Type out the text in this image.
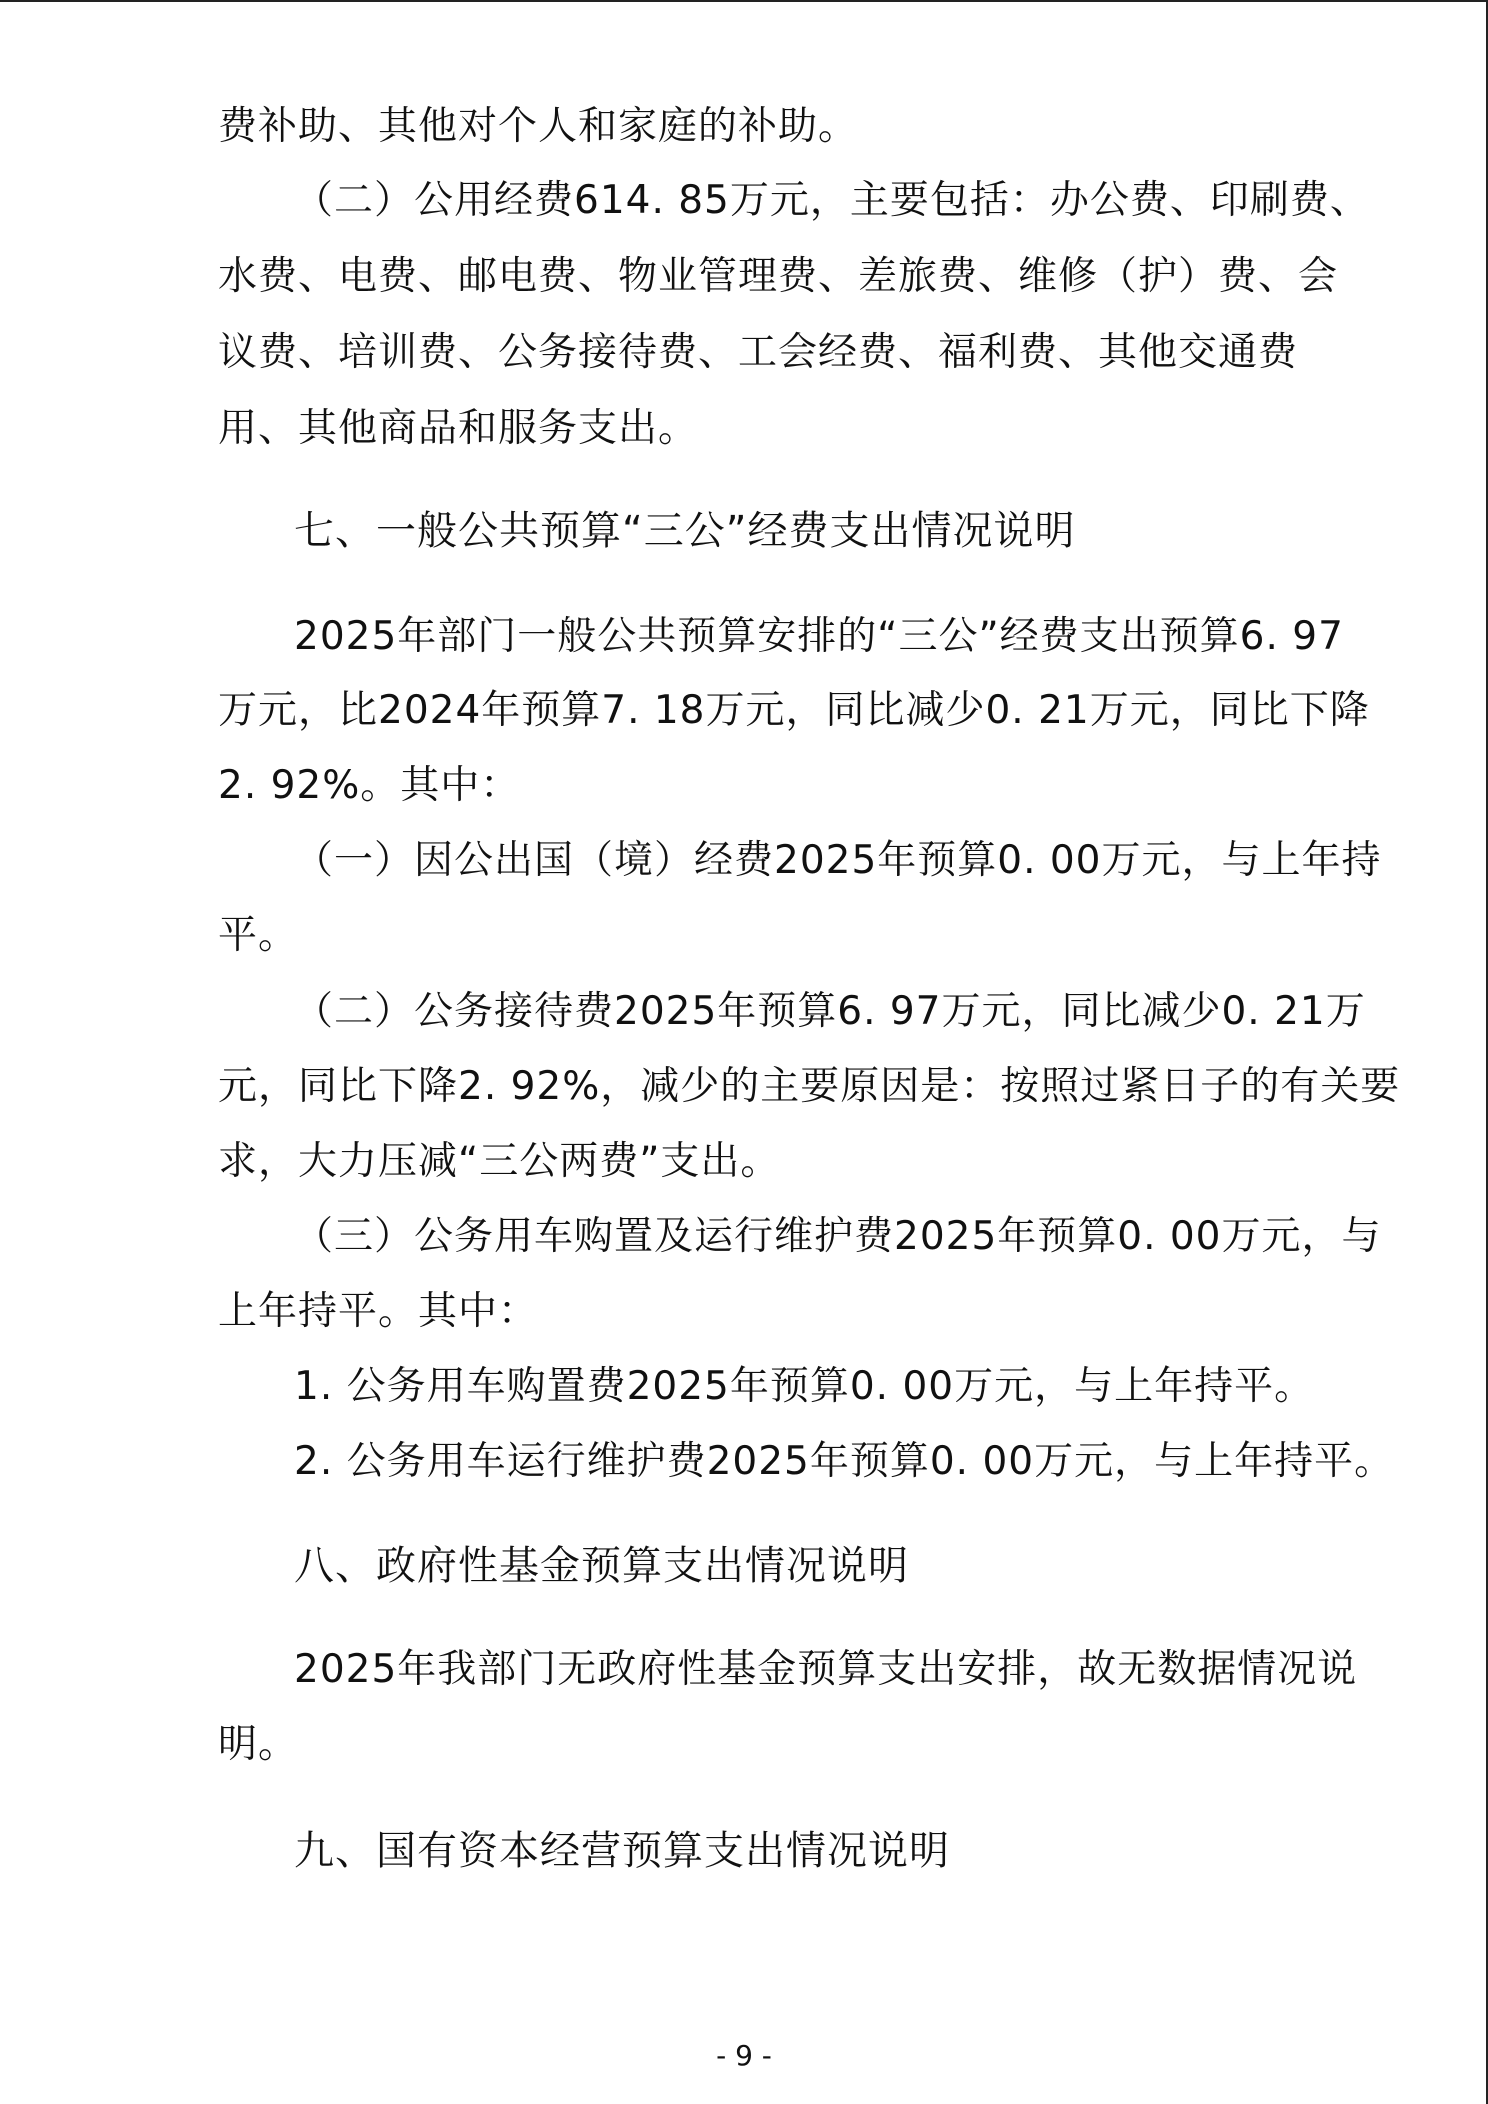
费补助、其他对个人和家庭的补助。
（二）公用经费614. 85万元，主要包括：办公费、印刷费、
水费、电费、邮电费、物业管理费、差旅费、维修（护）费、会
议费、培训费、公务接待费、工会经费、福利费、其他交通费
用、其他商品和服务支出。
七、一般公共预算“三公”经费支出情况说明
2025年部门一般公共预算安排的“三公”经费支出预算6. 97
万元，比2024年预算7. 18万元，同比减少0. 21万元，同比下降
2. 92%。其中：
（一）因公出国（境）经费2025年预算0. 00万元，与上年持
平。
（二）公务接待费2025年预算6. 97万元，同比减少0. 21万
元，同比下降2. 92%，减少的主要原因是：按照过紧日子的有关要
求，大力压减“三公两费”支出。
（三）公务用车购置及运行维护费2025年预算0. 00万元，与
上年持平。其中：
1. 公务用车购置费2025年预算0. 00万元，与上年持平。
2. 公务用车运行维护费2025年预算0. 00万元，与上年持平。
八、政府性基金预算支出情况说明
2025年我部门无政府性基金预算支出安排，故无数据情况说
明。
九、国有资本经营预算支出情况说明
- 9 -
